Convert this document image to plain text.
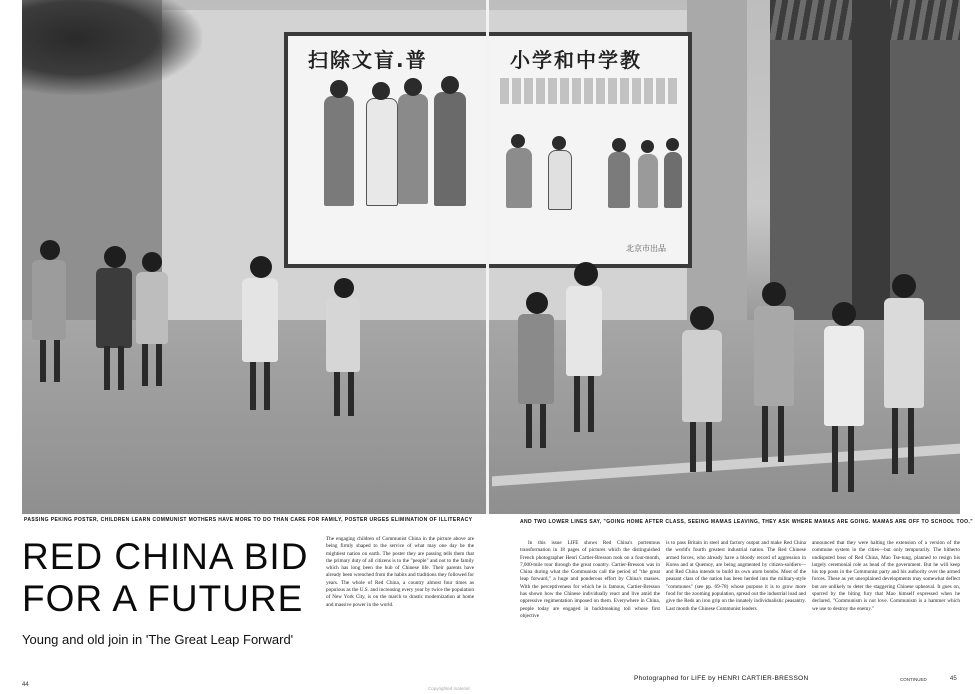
扫除文盲.普	小学和中学教
北京市出品
PASSING PEKING POSTER, CHILDREN LEARN COMMUNIST MOTHERS HAVE MORE TO DO THAN CARE FOR FAMILY, POSTER URGES ELIMINATION OF ILLITERACY	AND TWO LOWER LINES SAY, "GOING HOME AFTER CLASS, SEEING MAMAS LEAVING, THEY ASK WHERE MAMAS ARE GOING. MAMAS ARE OFF TO SCHOOL TOO."
RED CHINA BID
FOR A FUTURE
Young and old join in 'The Great Leap Forward'
The engaging children of Communist China in the picture above are being firmly shaped to the service of what may one day be the mightiest nation on earth. The poster they are passing tells them that the primary duty of all citizens is to the "people" and not to the family which has long been the hub of Chinese life. Their parents have already been wrenched from the habits and traditions they followed for years. The whole of Red China, a country almost four times as populous as the U.S. and increasing every year by twice the population of New York City, is on the march to drastic modernization at home and massive power in the world.
44
In this issue LIFE shows Red China's portentous transformation in 18 pages of pictures which the distinguished French photographer Henri Cartier-Bresson took on a four-month, 7,000-mile tour through the great country. Cartier-Bresson was in China during what the Communists call the period of "the great leap forward," a huge and ponderous effort by China's masses. With the perceptiveness for which he is famous, Cartier-Bresson has shown how the Chinese individually react and live amid the oppressive regimentation imposed on them. Everywhere in China, people today are engaged in backbreaking toil whose first objective
is to pass Britain in steel and factory output and make Red China the world's fourth greatest industrial nation. The Red Chinese armed forces, who already have a bloody record of aggression in Korea and at Quemoy, are being augmented by citizen-soldiers—and Red China intends to build its own atom bombs. Most of the peasant class of the nation has been herded into the military-style "communes" (see pp. 69-78) whose purpose it is to grow more food for the zooming population, spread out the industrial load and give the Reds an iron grip on the innately individualistic peasantry. Last month the Chinese Communist leaders
announced that they were halting the extension of a version of the commune system in the cities—but only temporarily. The hitherto undisputed boss of Red China, Mao Tse-tung, planned to resign his largely ceremonial role as head of the government. But he will keep his top posts in the Communist party and his authority over the armed forces. These as yet unexplained developments may somewhat deflect but are unlikely to deter the staggering Chinese upheaval. It goes on, spurred by the biting fury that Mao himself expressed when he declared, "Communism is not love. Communism is a hammer which we use to destroy the enemy."
Photographed for LIFE by HENRI CARTIER-BRESSON	CONTINUED	45
Copyrighted material
